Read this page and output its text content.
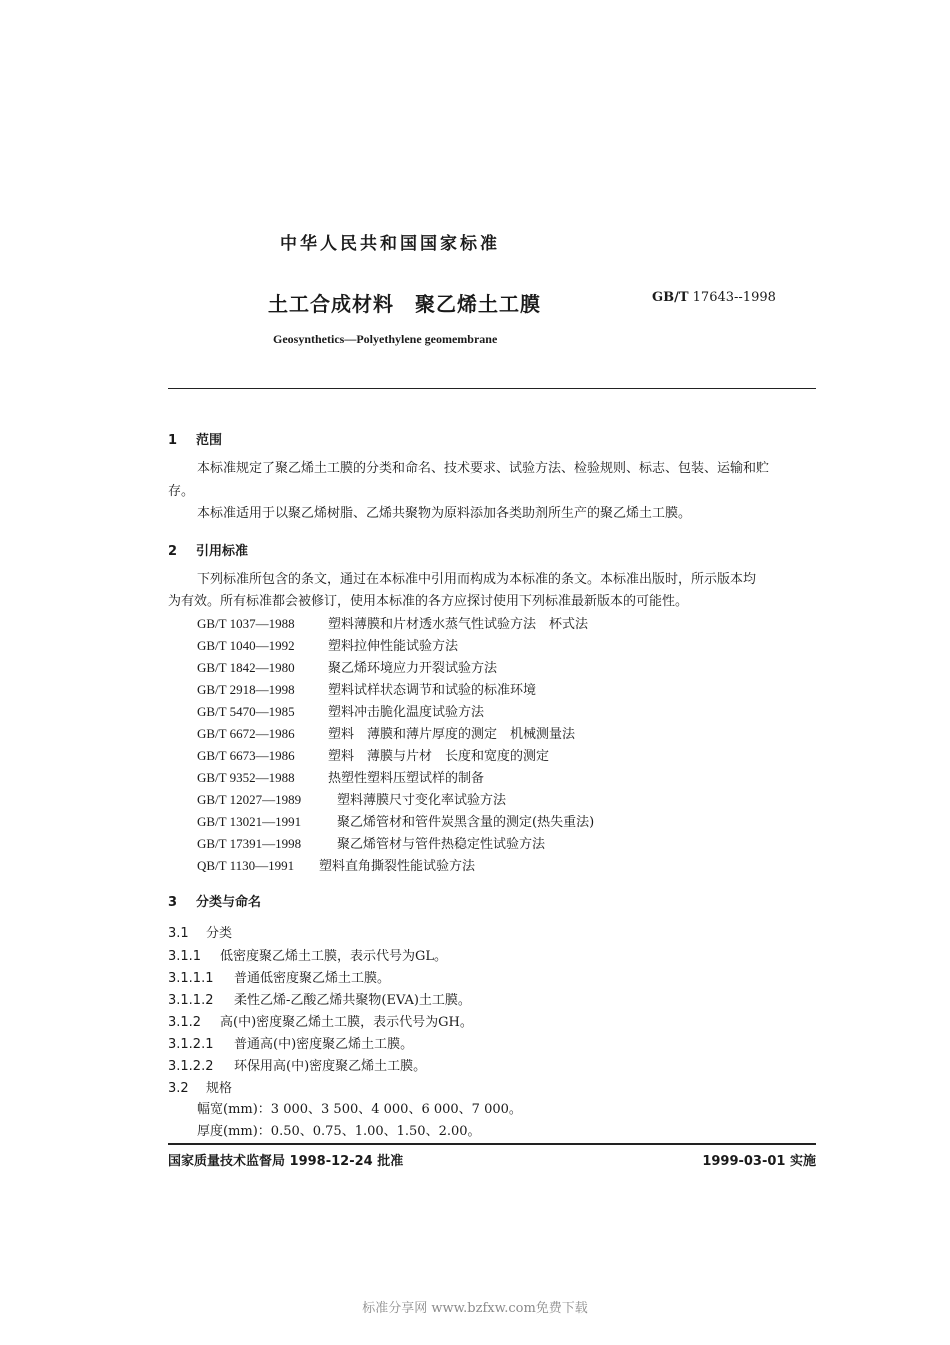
中华人民共和国国家标准
土工合成材料　聚乙烯土工膜	GB/T 17643--1998
Geosynthetics—Polyethylene geomembrane
1 范围
本标准规定了聚乙烯土工膜的分类和命名、技术要求、试验方法、检验规则、标志、包装、运输和贮
存。
本标准适用于以聚乙烯树脂、乙烯共聚物为原料添加各类助剂所生产的聚乙烯土工膜。
2 引用标准
下列标准所包含的条文，通过在本标准中引用而构成为本标准的条文。本标准出版时，所示版本均
为有效。所有标准都会被修订，使用本标准的各方应探讨使用下列标准最新版本的可能性。
GB/T 1037—1988	塑料薄膜和片材透水蒸气性试验方法　杯式法
GB/T 1040—1992	塑料拉伸性能试验方法
GB/T 1842—1980	聚乙烯环境应力开裂试验方法
GB/T 2918—1998	塑料试样状态调节和试验的标准环境
GB/T 5470—1985	塑料冲击脆化温度试验方法
GB/T 6672—1986	塑料　薄膜和薄片厚度的测定　机械测量法
GB/T 6673—1986	塑料　薄膜与片材　长度和宽度的测定
GB/T 9352—1988	热塑性塑料压塑试样的制备
GB/T 12027—1989	塑料薄膜尺寸变化率试验方法
GB/T 13021—1991	聚乙烯管材和管件炭黑含量的测定(热失重法)
GB/T 17391—1998	聚乙烯管材与管件热稳定性试验方法
QB/T 1130—1991 塑料直角撕裂性能试验方法
3 分类与命名
3.1 分类
3.1.1 低密度聚乙烯土工膜，表示代号为GL。
3.1.1.1 普通低密度聚乙烯土工膜。
3.1.1.2 柔性乙烯-乙酸乙烯共聚物(EVA)土工膜。
3.1.2 高(中)密度聚乙烯土工膜，表示代号为GH。
3.1.2.1 普通高(中)密度聚乙烯土工膜。
3.1.2.2 环保用高(中)密度聚乙烯土工膜。
3.2 规格
幅宽(mm)：3 000、3 500、4 000、6 000、7 000。
厚度(mm)：0.50、0.75、1.00、1.50、2.00。
国家质量技术监督局 1998-12-24 批准	1999-03-01 实施
标准分享网 www.bzfxw.com免费下载
